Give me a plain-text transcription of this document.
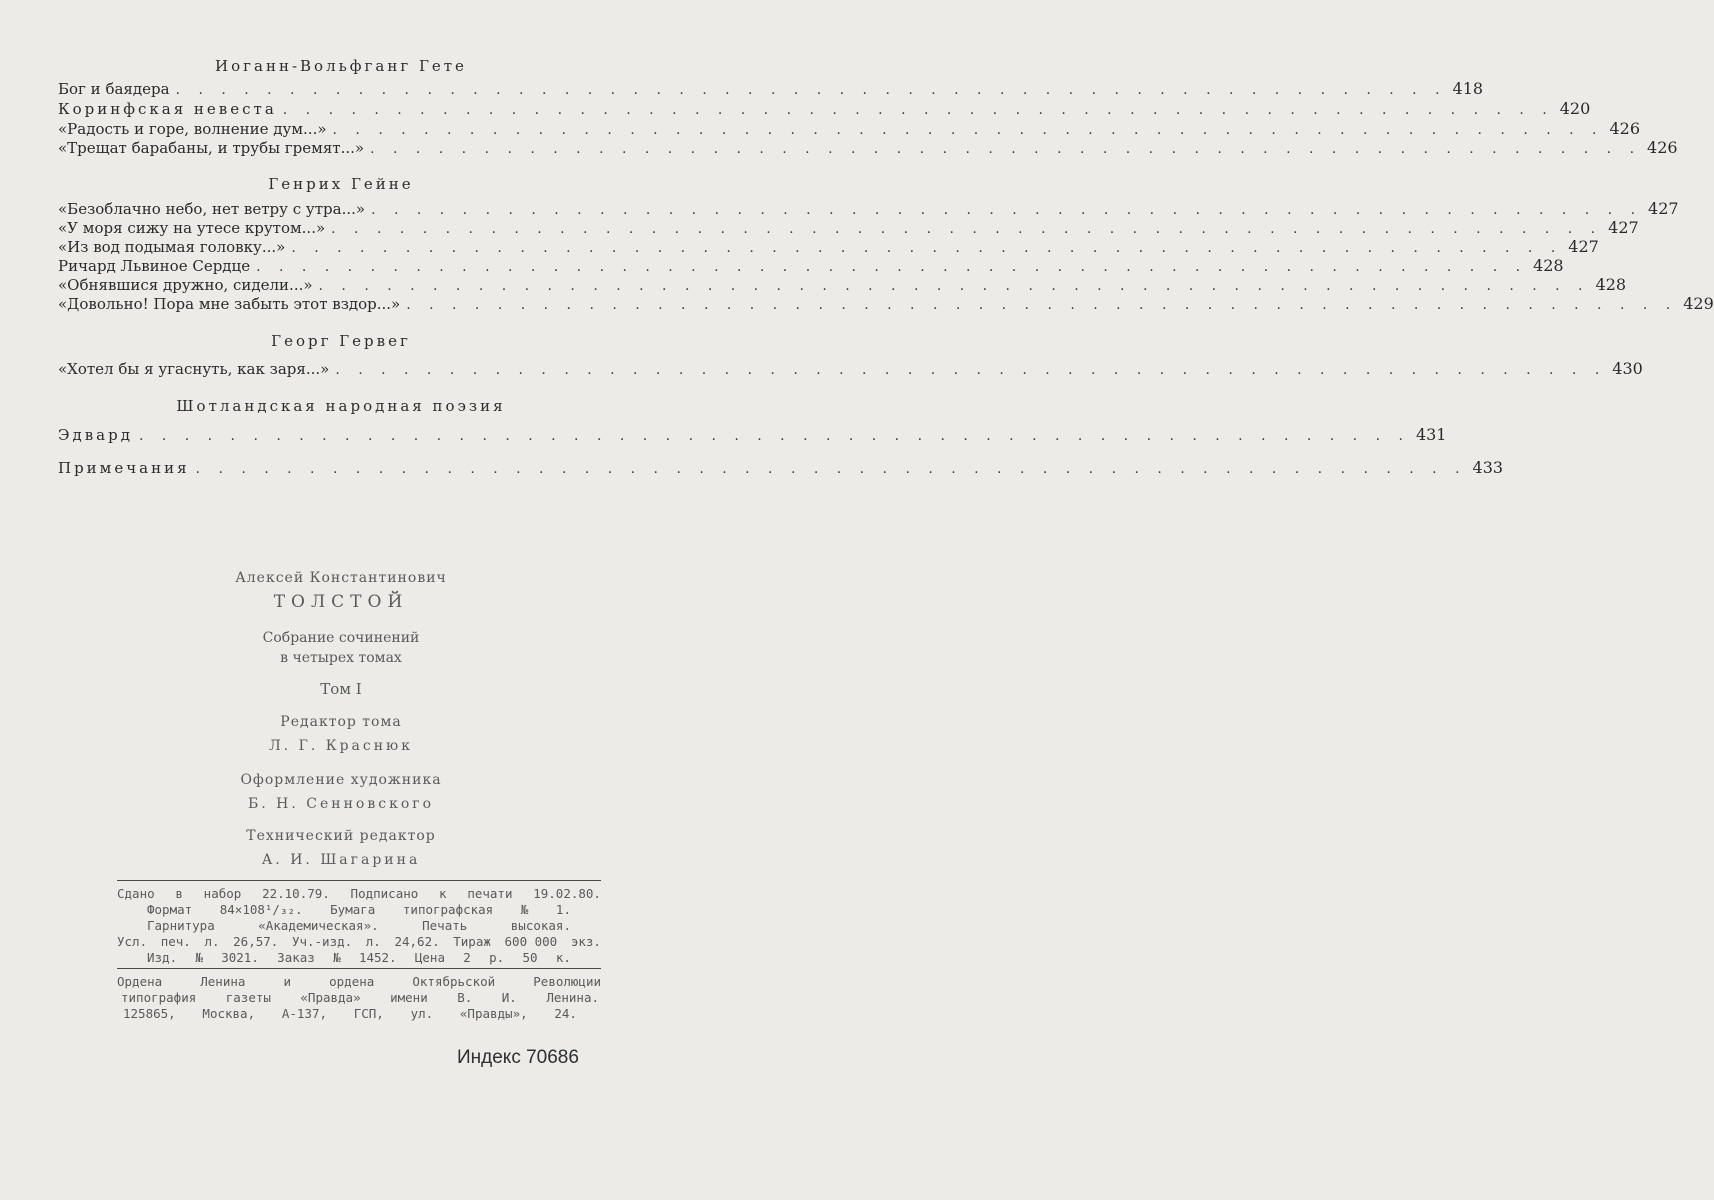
Иоганн-Вольфганг Гете
Бог и баядера . . . . . . . . . . . . . . . . . . . . . . . . . . . . . . . . . . . . . . . . . . . . . . . . . . . . . . . . 418
Коринфская невеста . . . . . . . . . . . . . . . . . . . . . . . . . . . . . . . . . . . . . . . . . . . . . . . . . . . . . . . . 420
«Радость и горе, волнение дум...» . . . . . . . . . . . . . . . . . . . . . . . . . . . . . . . . . . . . . . . . . . . . . . . . . . . . . . . . 426
«Трещат барабаны, и трубы гремят...» . . . . . . . . . . . . . . . . . . . . . . . . . . . . . . . . . . . . . . . . . . . . . . . . . . . . . . . . 426
Генрих Гейне
«Безоблачно небо, нет ветру с утра...» . . . . . . . . . . . . . . . . . . . . . . . . . . . . . . . . . . . . . . . . . . . . . . . . . . . . . . . . 427
«У моря сижу на утесе крутом...» . . . . . . . . . . . . . . . . . . . . . . . . . . . . . . . . . . . . . . . . . . . . . . . . . . . . . . . . 427
«Из вод подымая головку...» . . . . . . . . . . . . . . . . . . . . . . . . . . . . . . . . . . . . . . . . . . . . . . . . . . . . . . . . 427
Ричард Львиное Сердце . . . . . . . . . . . . . . . . . . . . . . . . . . . . . . . . . . . . . . . . . . . . . . . . . . . . . . . . 428
«Обнявшися дружно, сидели...» . . . . . . . . . . . . . . . . . . . . . . . . . . . . . . . . . . . . . . . . . . . . . . . . . . . . . . . . 428
«Довольно! Пора мне забыть этот вздор...» . . . . . . . . . . . . . . . . . . . . . . . . . . . . . . . . . . . . . . . . . . . . . . . . . . . . . . . . 429
Георг Гервег
«Хотел бы я угаснуть, как заря...» . . . . . . . . . . . . . . . . . . . . . . . . . . . . . . . . . . . . . . . . . . . . . . . . . . . . . . . . 430
Шотландская народная поэзия
Эдвард . . . . . . . . . . . . . . . . . . . . . . . . . . . . . . . . . . . . . . . . . . . . . . . . . . . . . . . . 431
Примечания . . . . . . . . . . . . . . . . . . . . . . . . . . . . . . . . . . . . . . . . . . . . . . . . . . . . . . . . 433
Алексей Константинович
ТОЛСТОЙ
Собрание сочинений
в четырех томах
Том I
Редактор тома
Л. Г. Краснюк
Оформление художника
Б. Н. Сенновского
Технический редактор
А. И. Шагарина
Сдано в набор 22.10.79. Подписано к печати 19.02.80.
Формат 84×108¹/₃₂. Бумага типографская № 1.
Гарнитура	«Академическая».	Печать	высокая.
Усл. печ. л. 26,57. Уч.-изд. л. 24,62. Тираж 600 000 экз.
Изд. № 3021. Заказ № 1452. Цена 2 р. 50 к.
Ордена	Ленина	и	ордена	Октябрьской	Революции
типография газеты «Правда» имени В. И. Ленина.
125865, Москва, А-137, ГСП, ул. «Правды», 24.
Индекс 70686
